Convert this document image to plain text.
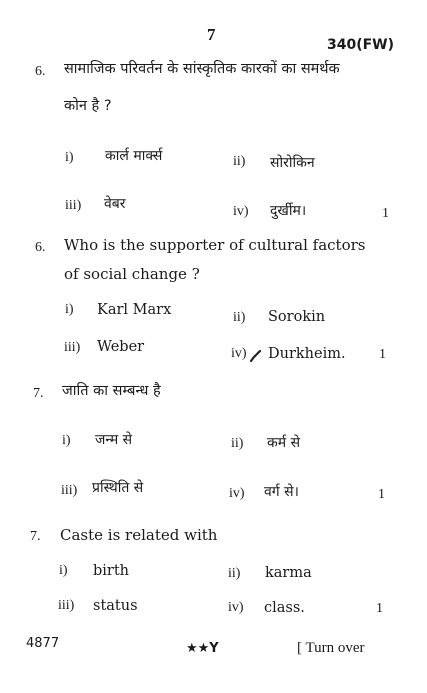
7
340(FW)
6. सामाजिक परिवर्तन के सांस्कृतिक कारकों का समर्थक
कोन है ?
i) कार्ल मार्क्स	ii) सोरोकिन
iii) वेबर	iv) दुर्खीम।	1
6. Who is the supporter of cultural factors
of social change ?
i) Karl Marx	ii) Sorokin
iii) Weber	iv) Durkheim. 1
7. जाति का सम्बन्ध है
i) जन्म से	ii) कर्म से
iii) प्रस्थिति से	iv) वर्ग से।	1
7. Caste is related with
i) birth	ii) karma
iii) status	iv) class.	1
4877	★★Y	[ Turn over
